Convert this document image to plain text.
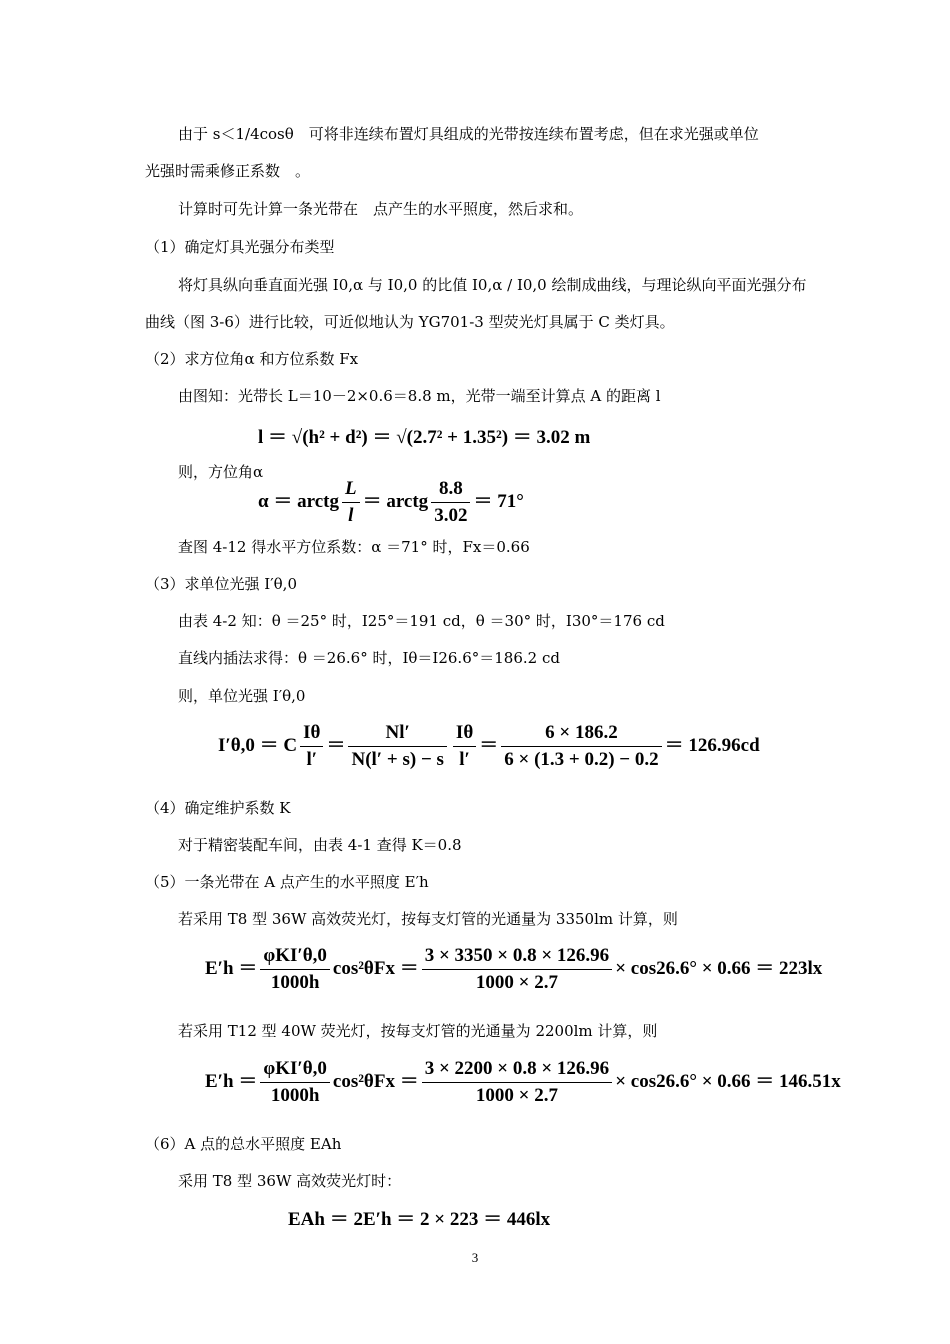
由于 s＜1/4cosθ　可将非连续布置灯具组成的光带按连续布置考虑，但在求光强或单位
光强时需乘修正系数　。
计算时可先计算一条光带在　点产生的水平照度，然后求和。
（1）确定灯具光强分布类型
将灯具纵向垂直面光强 I0,α 与 I0,0 的比值 I0,α / I0,0 绘制成曲线，与理论纵向平面光强分布
曲线（图 3-6）进行比较，可近似地认为 YG701-3 型荧光灯具属于 C 类灯具。
（2）求方位角α 和方位系数 Fx
由图知：光带长 L＝10－2×0.6＝8.8 m，光带一端至计算点 A 的距离 l
l ＝ √(h² + d²) ＝ √(2.7² + 1.35²) ＝ 3.02 m
则，方位角α
α ＝ arctg $\frac{L}{l}$ ＝ arctg $\frac{8.8}{3.02} = 71^\circ$
查图 4-12 得水平方位系数：α ＝71° 时，Fx＝0.66
（3）求单位光强 I′θ,0
由表 4-2 知：θ ＝25° 时，I25°＝191 cd，θ ＝30° 时，I30°＝176 cd
直线内插法求得：θ ＝26.6° 时，Iθ＝I26.6°＝186.2 cd
则，单位光强 I′θ,0
I′θ,0 ＝ C $\frac{I\theta}{l'} = \frac{Nl'}{N(l' + s) - s} \frac{I\theta}{l'} = \frac{6 \times 186.2}{6 \times (1.3 + 0.2) - 0.2} = 126.96cd$
（4）确定维护系数 K
对于精密装配车间，由表 4-1 查得 K＝0.8
（5）一条光带在 A 点产生的水平照度 E′h
若采用 T8 型 36W 高效荧光灯，按每支灯管的光通量为 3350lm 计算，则
$E'h = \frac{\text{φKI′θ,0}}{1000h} \cos^2\theta Fx = \frac{3 \times 3350 \times 0.8 \times 126.96}{1000 \times 2.7} \times \cos 26.6^\circ \times 0.66 = 223lx$
若采用 T12 型 40W 荧光灯，按每支灯管的光通量为 2200lm 计算，则
$E'h = \frac{\text{φKI′θ,0}}{1000h} \cos^2\theta Fx = \frac{3 \times 2200 \times 0.8 \times 126.96}{1000 \times 2.7} \times \cos 26.6^\circ \times 0.66 = 146.51x$
（6）A 点的总水平照度 EAh
采用 T8 型 36W 高效荧光灯时：
EAh ＝ 2E′h ＝ 2 × 223 ＝ 446lx
3
